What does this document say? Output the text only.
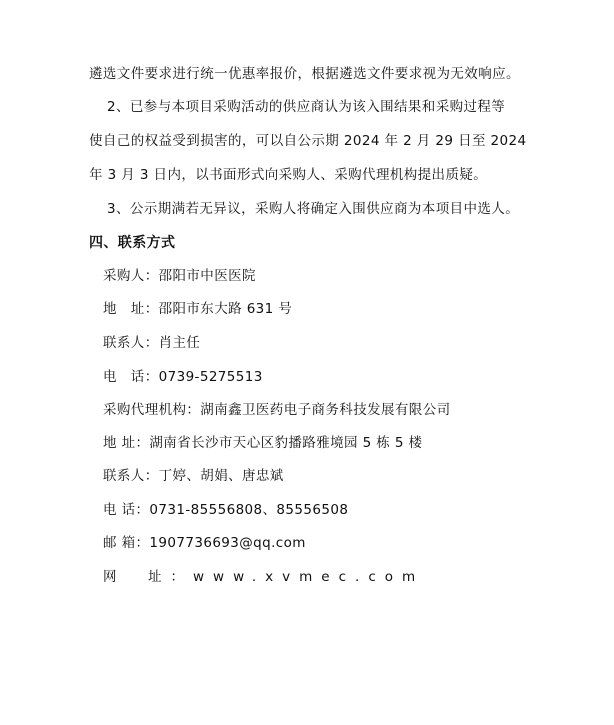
遴选文件要求进行统一优惠率报价，根据遴选文件要求视为无效响应。
2、已参与本项目采购活动的供应商认为该入围结果和采购过程等
使自己的权益受到损害的，可以自公示期 2024 年 2 月 29 日至 2024
年 3 月 3 日内，以书面形式向采购人、采购代理机构提出质疑。
3、公示期满若无异议，采购人将确定入围供应商为本项目中选人。
四、联系方式
采购人：邵阳市中医医院
地　址：邵阳市东大路 631 号
联系人：肖主任
电　话：0739-5275513
采购代理机构：湖南鑫卫医药电子商务科技发展有限公司
地 址：湖南省长沙市天心区豹播路雅境园 5 栋 5 楼
联系人：丁婷、胡娟、唐忠斌
电 话：0731-85556808、85556508
邮 箱：1907736693@qq.com
网　址：www.xvmec.com
